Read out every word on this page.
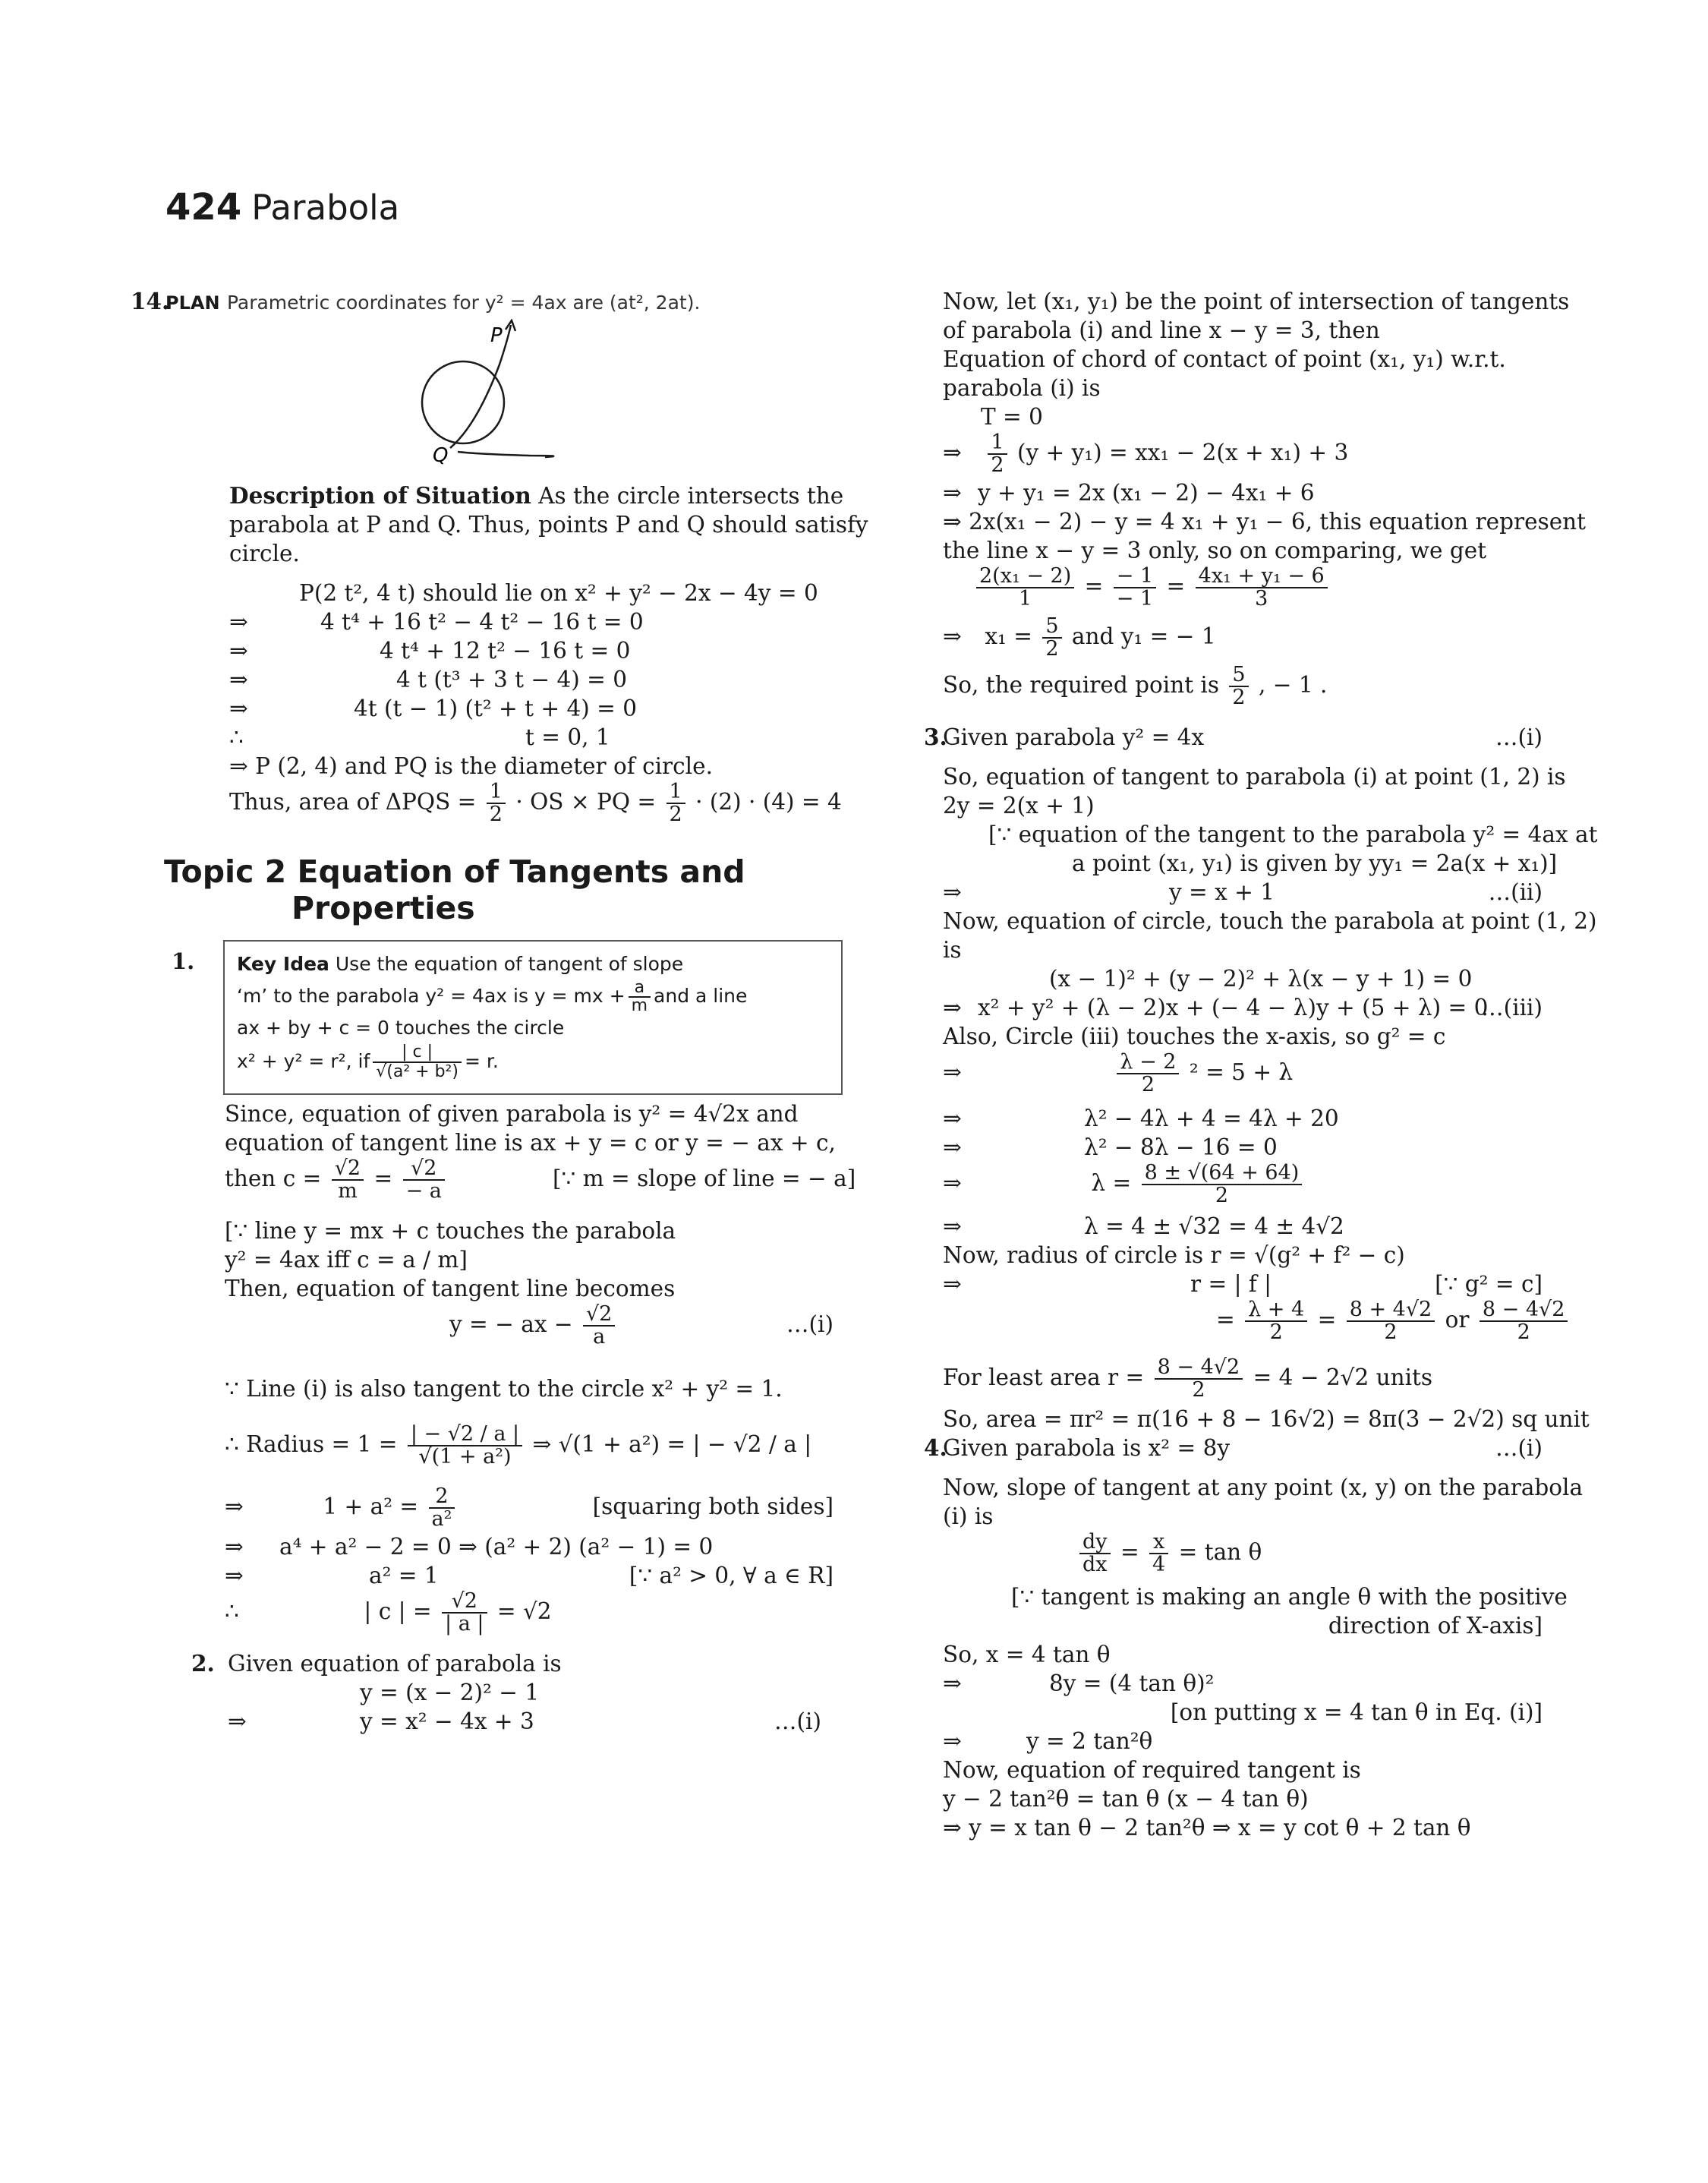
424 Parabola
14.
PLAN Parametric coordinates for y² = 4ax are (at², 2at).
P
Q
Description of Situation As the circle intersects the
parabola at P and Q. Thus, points P and Q should satisfy
circle.
P(2 t², 4 t) should lie on x² + y² − 2x − 4y = 0
⇒	4 t⁴ + 16 t² − 4 t² − 16 t = 0
⇒	4 t⁴ + 12 t² − 16 t = 0
⇒	4 t (t³ + 3 t − 4) = 0
⇒	4t (t − 1) (t² + t + 4) = 0
∴	t = 0, 1
⇒ P (2, 4) and PQ is the diameter of circle.
Thus, area of $\Delta PQS = \frac{1}{2}$ · OS × PQ = $\frac{1}{2} \cdot (2) \cdot (4) = 4$
Topic 2 Equation of Tangents and
Properties
1. Key Idea Use the equation of tangent of slope
‘m’ to the parabola y² = 4ax is y = mx + $\frac{a}{m}$ and a line
ax + by + c = 0 touches the circle
x² + y² = r², if $\frac{| c |}{\text{√(a² + b²)}} = r$.
Since, equation of given parabola is y² = 4√2x and
equation of tangent line is ax + y = c or y = − ax + c,
then $c = \frac{√2}{m} = \frac{√2}{- a}$	[∵ m = slope of line = − a]
[∵ line y = mx + c touches the parabola
y² = 4ax iff c = a / m]
Then, equation of tangent line becomes
y = − ax − $\frac{√2}{a}$	…(i)
∵ Line (i) is also tangent to the circle x² + y² = 1.
∴ Radius = $1 = \frac{| - √2 / a |}{\text{√(1 + a²)}}$ ⇒ √(1 + a²) = | − √2 / a |
⇒	$1 + a^2 = \frac{2}{\text{a²}}$	[squaring both sides]
⇒ a⁴ + a² − 2 = 0 ⇒ (a² + 2) (a² − 1) = 0
⇒	a² = 1	[∵ a² > 0, ∀ a ∈ R]
∴	| c | = $\frac{√2}{| a |} = √2$
2. Given equation of parabola is
y = (x − 2)² − 1
⇒	y = x² − 4x + 3	…(i)
Now, let (x₁, y₁) be the point of intersection of tangents
of parabola (i) and line x − y = 3, then
Equation of chord of contact of point (x₁, y₁) w.r.t.
parabola (i) is
T = 0
⇒ $\frac{1}{2} (y + y_1) = xx_1 - 2(x + x_1) + 3$
⇒ y + y₁ = 2x (x₁ − 2) − 4x₁ + 6
⇒ 2x(x₁ − 2) − y = 4 x₁ + y₁ − 6, this equation represent
the line x − y = 3 only, so on comparing, we get
$\frac{\text{2(x₁ − 2)}}{1} = \frac{- 1}{- 1} = \frac{\text{4x₁ + y₁ − 6}}{3}$
⇒ $x_1 = \frac{5}{2}$ and y₁ = − 1
So, the required point is $\frac{5}{2}$ , − 1 .
3.
Given parabola y² = 4x	…(i)
So, equation of tangent to parabola (i) at point (1, 2) is
2y = 2(x + 1)
[∵ equation of the tangent to the parabola y² = 4ax at
a point (x₁, y₁) is given by yy₁ = 2a(x + x₁)]
⇒	y = x + 1	…(ii)
Now, equation of circle, touch the parabola at point (1, 2)
is
(x − 1)² + (y − 2)² + λ(x − y + 1) = 0
⇒ x² + y² + (λ − 2)x + (− 4 − λ)y + (5 + λ) = 0
…(iii)
Also, Circle (iii) touches the x-axis, so g² = c
⇒	$\frac{\lambda - 2}{2} ^2 = 5 + \lambda$
⇒	λ² − 4λ + 4 = 4λ + 20
⇒	λ² − 8λ − 16 = 0
⇒	$\lambda = \frac{8 \pm √(64 + 64)}{2}$
⇒	λ = 4 ± √32 = 4 ± 4√2
Now, radius of circle is r = √(g² + f² − c)
⇒	r = | f |	[∵ g² = c]
= $\frac{\lambda + 4}{2} = \frac{8 + 4√2}{2}$ or $\frac{8 - 4√2}{2}$
For least area $r = \frac{8 - 4√2}{2} = 4 - 2√2$ units
So, area = πr² = π(16 + 8 − 16√2) = 8π(3 − 2√2) sq unit
4.
Given parabola is x² = 8y	…(i)
Now, slope of tangent at any point (x, y) on the parabola
(i) is
$\frac{dy}{dx} = \frac{x}{4} = \tan \theta$
[∵ tangent is making an angle θ with the positive
direction of X-axis]
So, x = 4 tan θ
⇒	8y = (4 tan θ)²
[on putting x = 4 tan θ in Eq. (i)]
⇒	y = 2 tan²θ
Now, equation of required tangent is
y − 2 tan²θ = tan θ (x − 4 tan θ)
⇒ y = x tan θ − 2 tan²θ ⇒ x = y cot θ + 2 tan θ
